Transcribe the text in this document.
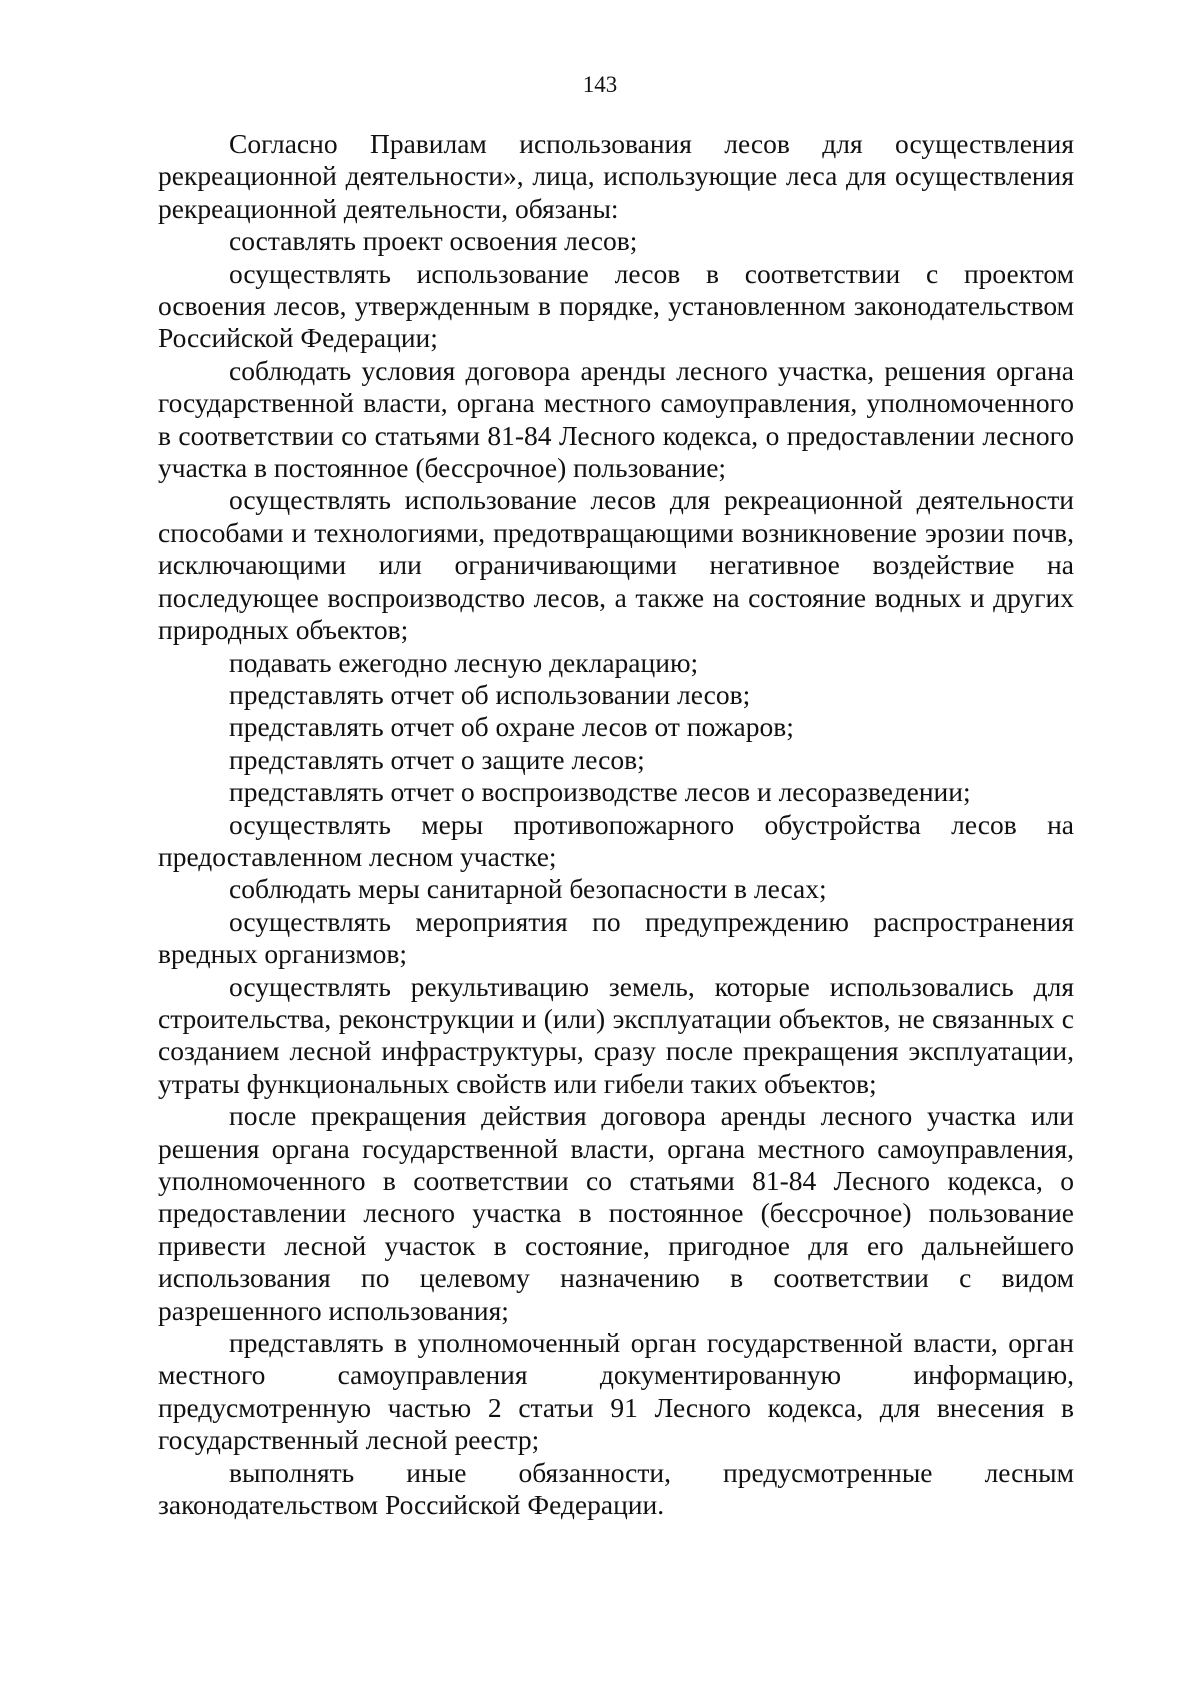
143

Согласно Правилам использования лесов для осуществления рекреационной деятельности», лица, использующие леса для осуществления рекреационной деятельности, обязаны:

составлять проект освоения лесов;

осуществлять использование лесов в соответствии с проектом освоения лесов, утвержденным в порядке, установленном законодательством Российской Федерации;

соблюдать условия договора аренды лесного участка, решения органа государственной власти, органа местного самоуправления, уполномоченного в соответствии со статьями 81-84 Лесного кодекса, о предоставлении лесного участка в постоянное (бессрочное) пользование;

осуществлять использование лесов для рекреационной деятельности способами и технологиями, предотвращающими возникновение эрозии почв, исключающими или ограничивающими негативное воздействие на последующее воспроизводство лесов, а также на состояние водных и других природных объектов;

подавать ежегодно лесную декларацию;

представлять отчет об использовании лесов;

представлять отчет об охране лесов от пожаров;

представлять отчет о защите лесов;

представлять отчет о воспроизводстве лесов и лесоразведении;

осуществлять меры противопожарного обустройства лесов на предоставленном лесном участке;

соблюдать меры санитарной безопасности в лесах;

осуществлять мероприятия по предупреждению распространения вредных организмов;

осуществлять рекультивацию земель, которые использовались для строительства, реконструкции и (или) эксплуатации объектов, не связанных с созданием лесной инфраструктуры, сразу после прекращения эксплуатации, утраты функциональных свойств или гибели таких объектов;

после прекращения действия договора аренды лесного участка или решения органа государственной власти, органа местного самоуправления, уполномоченного в соответствии со статьями 81-84 Лесного кодекса, о предоставлении лесного участка в постоянное (бессрочное) пользование привести лесной участок в состояние, пригодное для его дальнейшего использования по целевому назначению в соответствии с видом разрешенного использования;

представлять в уполномоченный орган государственной власти, орган местного самоуправления документированную информацию, предусмотренную частью 2 статьи 91 Лесного кодекса, для внесения в государственный лесной реестр;

выполнять иные обязанности, предусмотренные лесным законодательством Российской Федерации.
